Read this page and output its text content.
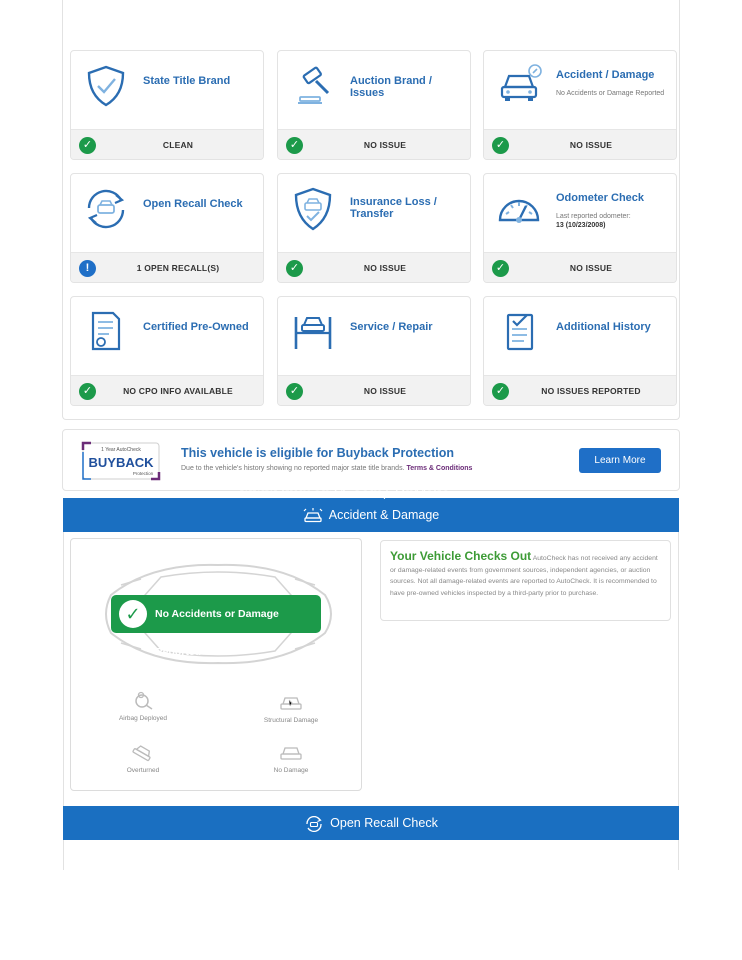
State Title Brand
✓	CLEAN
Auction Brand / Issues
✓	NO ISSUE
Accident / Damage
No Accidents or Damage Reported
✓	NO ISSUE
Open Recall Check
!	1 OPEN RECALL(S)
Insurance Loss / Transfer
✓	NO ISSUE
Odometer Check
Last reported odometer:
13 (10/23/2008)
✓	NO ISSUE
Certified Pre-Owned
✓	NO CPO INFO AVAILABLE
Service / Repair
✓	NO ISSUE
Additional History
✓	NO ISSUES REPORTED
1 Year AutoCheck
BUYBACK
Protection
This vehicle is eligible for Buyback Protection
Due to the vehicle's history showing no reported major state title brands. Terms & Conditions
Learn More
Accident & Damage
www.kumer24.com/ DrMike
✓	No Accidents or Damage Reported
Airbag Deployed	Structural Damage
Overturned	No Damage
Your Vehicle Checks Out AutoCheck has not received any accident or damage-related events from government sources, independent agencies, or auction sources. Not all damage-related events are reported to AutoCheck. It is recommended to have pre-owned vehicles inspected by a third-party prior to purchase.
Open Recall Check
